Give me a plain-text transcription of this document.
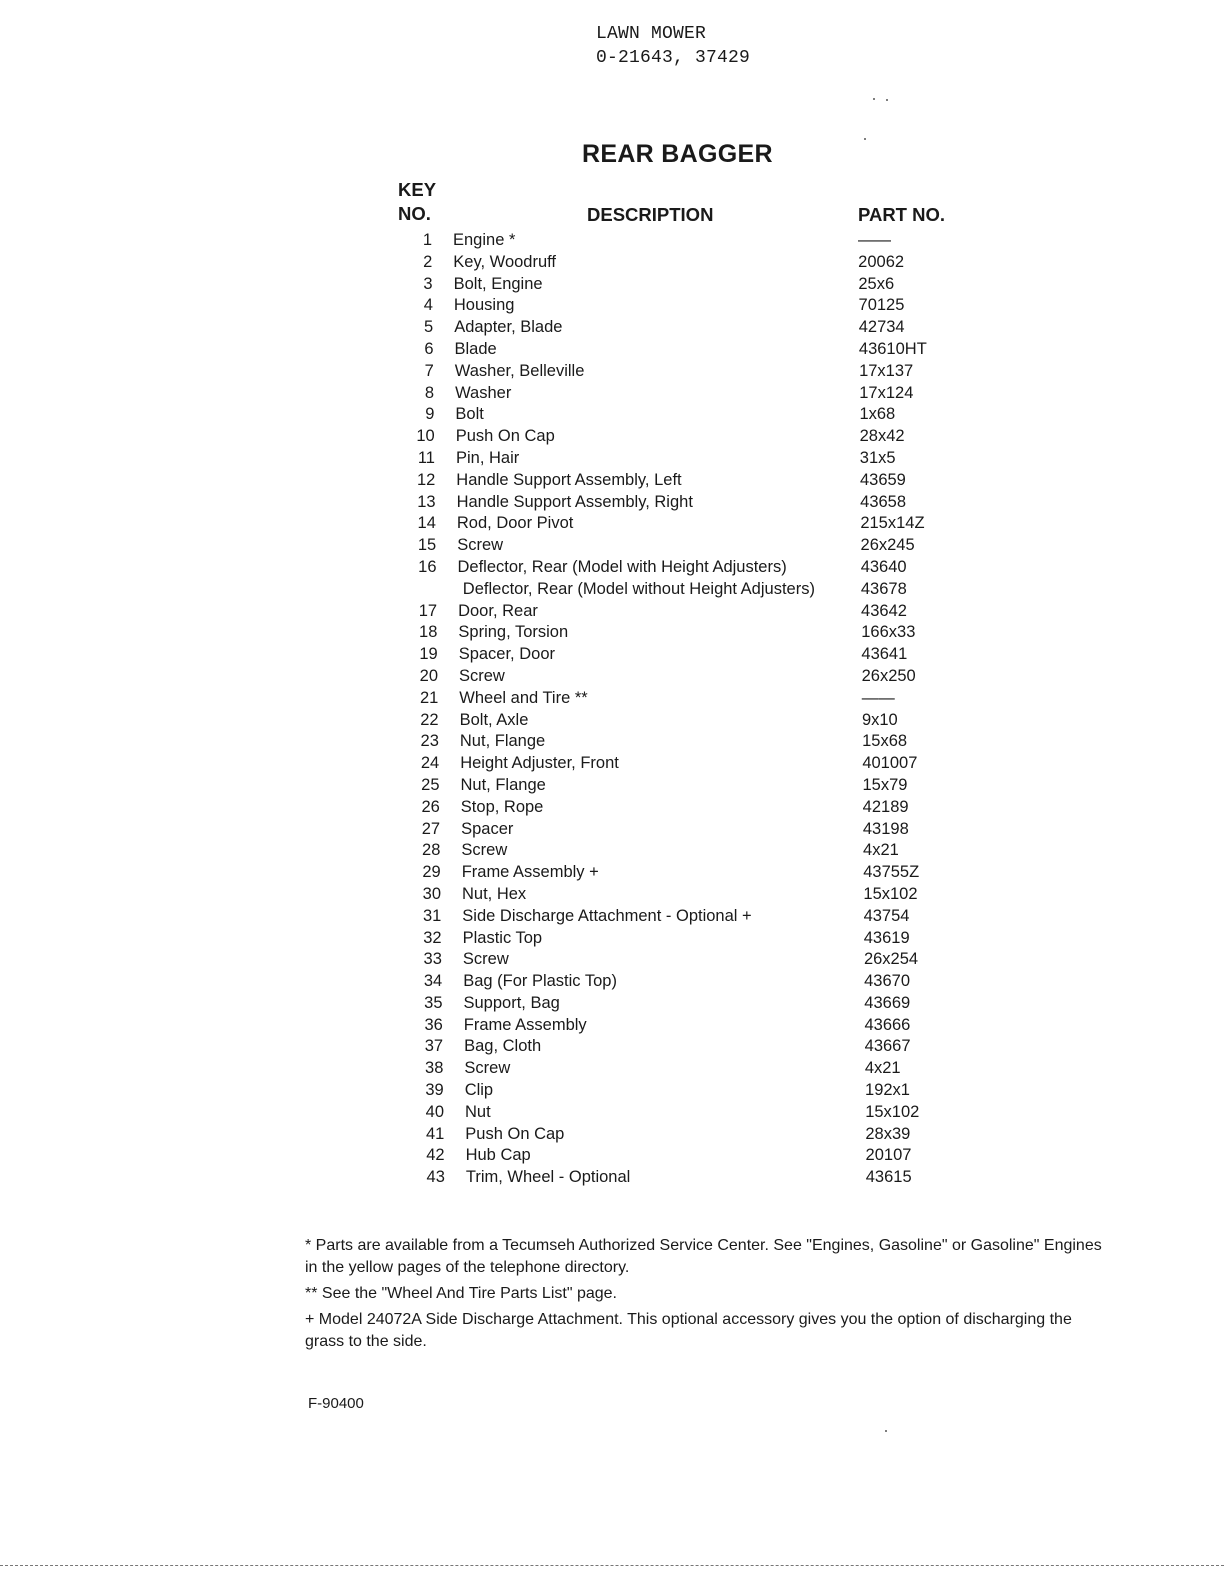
LAWN MOWER
0-21643, 37429
REAR BAGGER
KEY
NO.	DESCRIPTION	PART NO.
1 Engine *	——
2 Key, Woodruff	20062
3 Bolt, Engine	25x6
4 Housing	70125
5 Adapter, Blade	42734
6 Blade	43610HT
7 Washer, Belleville	17x137
8 Washer	17x124
9 Bolt	1x68
10 Push On Cap	28x42
11 Pin, Hair	31x5
12 Handle Support Assembly, Left	43659
13 Handle Support Assembly, Right	43658
14 Rod, Door Pivot	215x14Z
15 Screw	26x245
16 Deflector, Rear (Model with Height Adjusters)	43640
Deflector, Rear (Model without Height Adjusters)	43678
17 Door, Rear	43642
18 Spring, Torsion	166x33
19 Spacer, Door	43641
20 Screw	26x250
21 Wheel and Tire **	——
22 Bolt, Axle	9x10
23 Nut, Flange	15x68
24 Height Adjuster, Front	401007
25 Nut, Flange	15x79
26 Stop, Rope	42189
27 Spacer	43198
28 Screw	4x21
29 Frame Assembly +	43755Z
30 Nut, Hex	15x102
31 Side Discharge Attachment - Optional +	43754
32 Plastic Top	43619
33 Screw	26x254
34 Bag (For Plastic Top)	43670
35 Support, Bag	43669
36 Frame Assembly	43666
37 Bag, Cloth	43667
38 Screw	4x21
39 Clip	192x1
40 Nut	15x102
41 Push On Cap	28x39
42 Hub Cap	20107
43 Trim, Wheel - Optional	43615

* Parts are available from a Tecumseh Authorized Service Center. See "Engines, Gasoline" or Gasoline" Engines in the yellow pages of the telephone directory.

** See the "Wheel And Tire Parts List" page.

+ Model 24072A Side Discharge Attachment. This optional accessory gives you the option of discharging the grass to the side.

F-90400
